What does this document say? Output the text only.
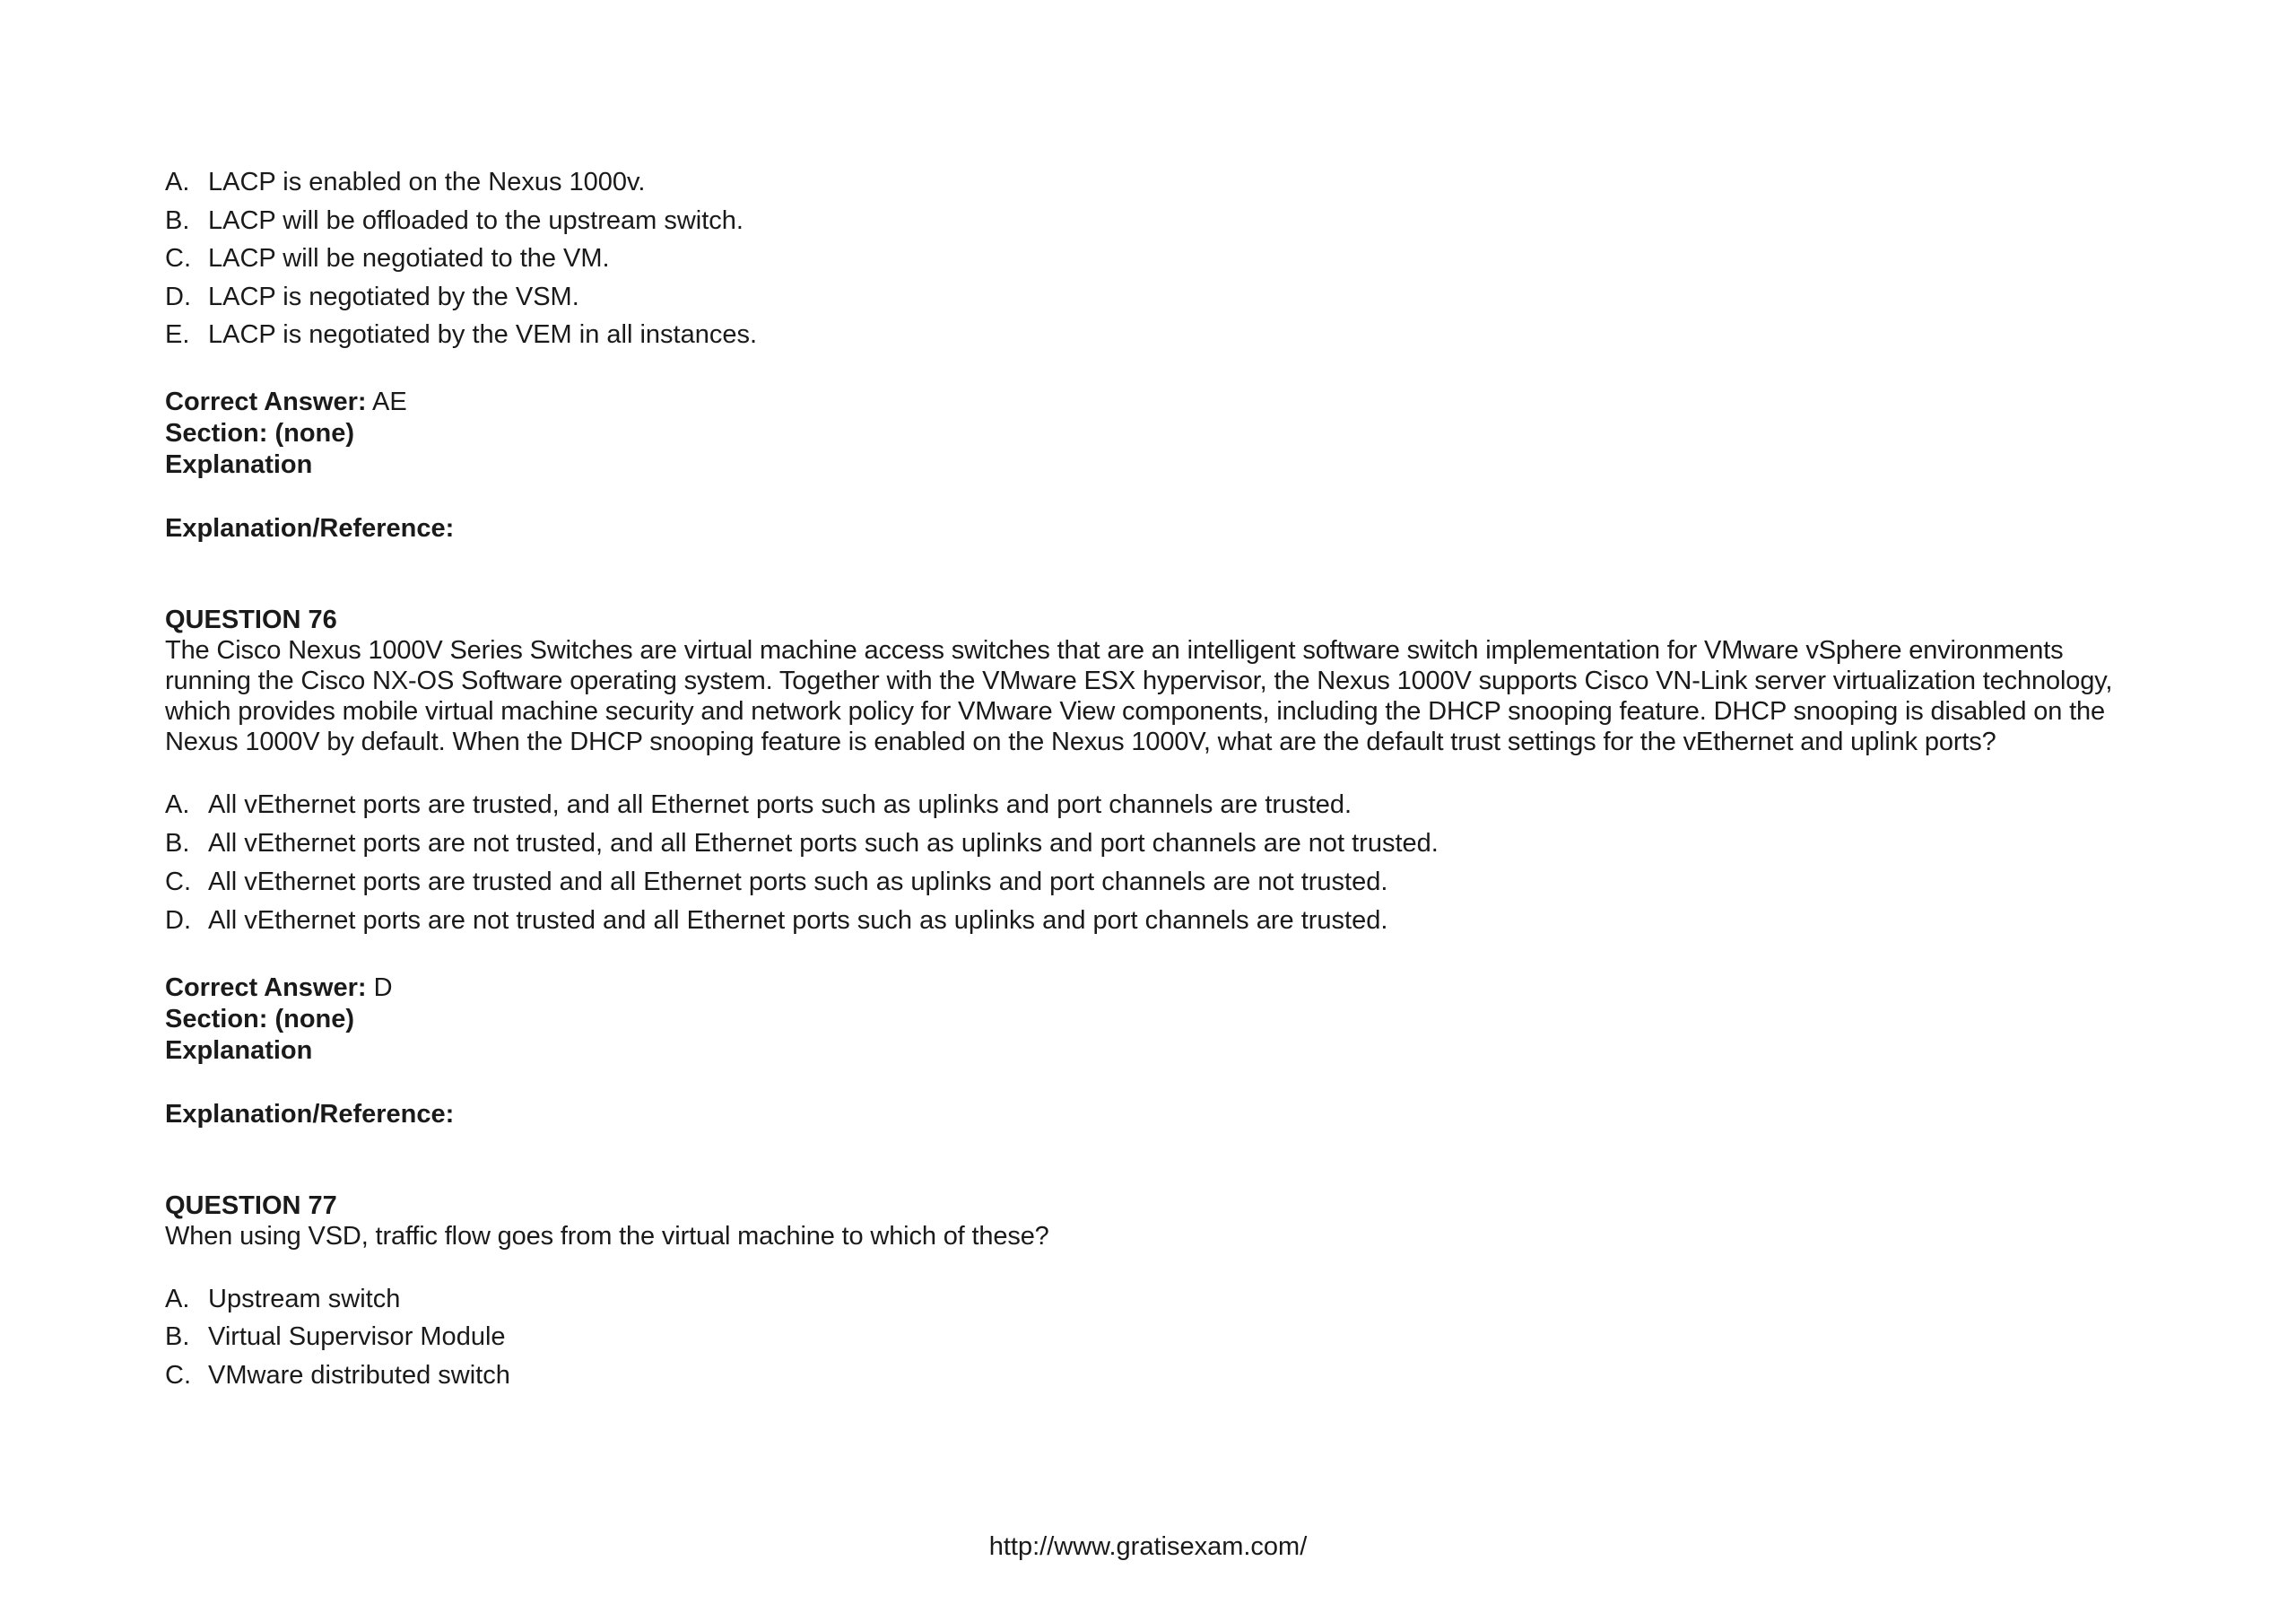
A. LACP is enabled on the Nexus 1000v.
B. LACP will be offloaded to the upstream switch.
C. LACP will be negotiated to the VM.
D. LACP is negotiated by the VSM.
E. LACP is negotiated by the VEM in all instances.
Correct Answer: AE
Section: (none)
Explanation
Explanation/Reference:
QUESTION 76
The Cisco Nexus 1000V Series Switches are virtual machine access switches that are an intelligent software switch implementation for VMware vSphere environments running the Cisco NX-OS Software operating system. Together with the VMware ESX hypervisor, the Nexus 1000V supports Cisco VN-Link server virtualization technology, which provides mobile virtual machine security and network policy for VMware View components, including the DHCP snooping feature. DHCP snooping is disabled on the Nexus 1000V by default. When the DHCP snooping feature is enabled on the Nexus 1000V, what are the default trust settings for the vEthernet and uplink ports?
A. All vEthernet ports are trusted, and all Ethernet ports such as uplinks and port channels are trusted.
B. All vEthernet ports are not trusted, and all Ethernet ports such as uplinks and port channels are not trusted.
C. All vEthernet ports are trusted and all Ethernet ports such as uplinks and port channels are not trusted.
D. All vEthernet ports are not trusted and all Ethernet ports such as uplinks and port channels are trusted.
Correct Answer: D
Section: (none)
Explanation
Explanation/Reference:
QUESTION 77
When using VSD, traffic flow goes from the virtual machine to which of these?
A. Upstream switch
B. Virtual Supervisor Module
C. VMware distributed switch
http://www.gratisexam.com/
